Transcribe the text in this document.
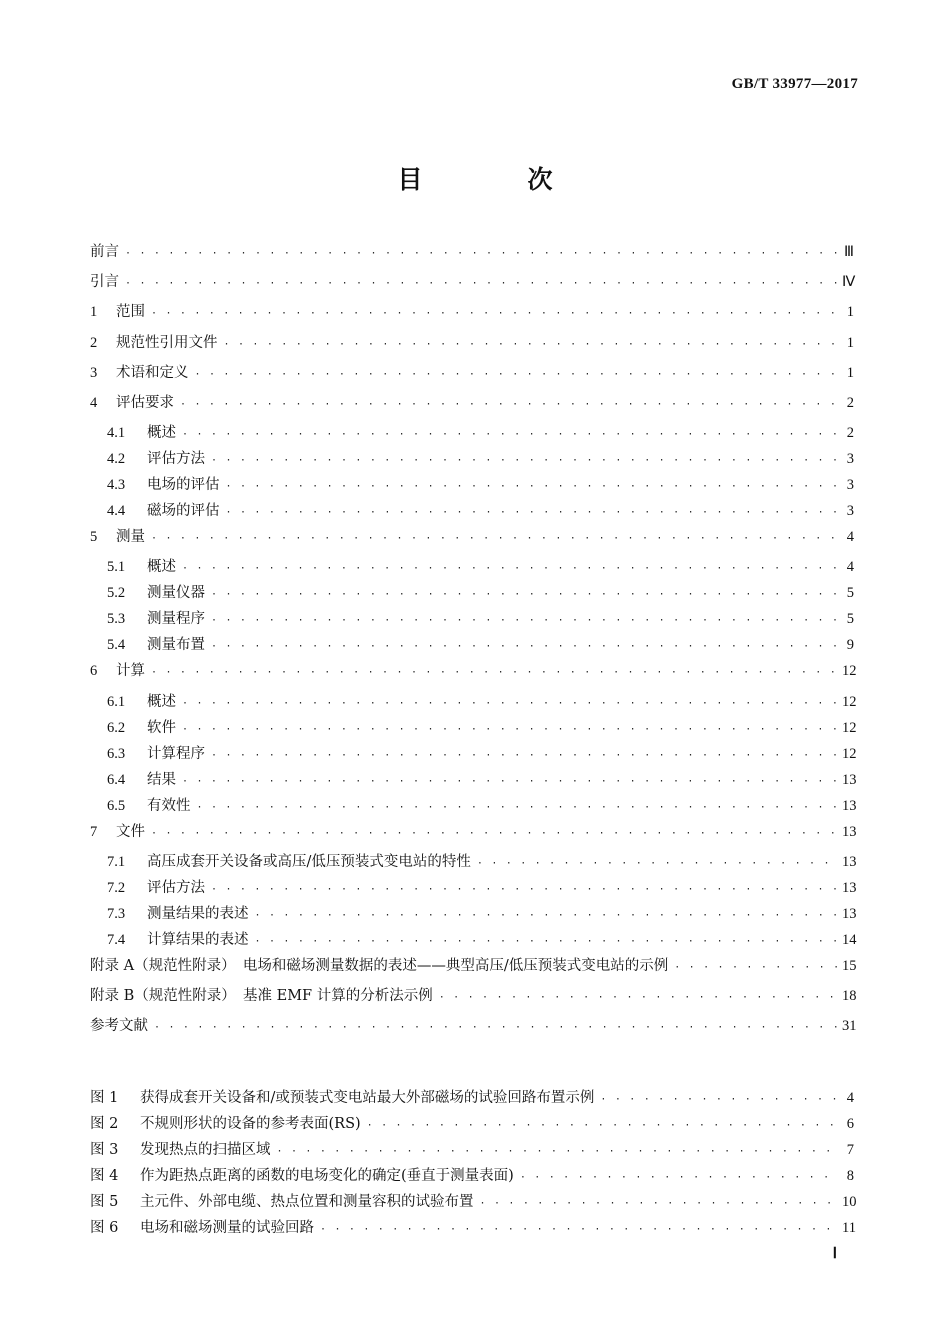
GB/T 33977—2017
目　次
前言 · · ·	Ⅲ
引言 · · ·	Ⅳ
1	范围 · · ·	1
2	规范性引用文件 · · ·	1
3	术语和定义 · · ·	1
4	评估要求 · · ·	2
4.1	概述 · · ·	2
4.2	评估方法 · · ·	3
4.3	电场的评估 · · ·	3
4.4	磁场的评估 · · ·	3
5	测量 · · ·	4
5.1	概述 · · ·	4
5.2	测量仪器 · · ·	5
5.3	测量程序 · · ·	5
5.4	测量布置 · · ·	9
6	计算 · · ·	12
6.1	概述 · · ·	12
6.2	软件 · · ·	12
6.3	计算程序 · · ·	12
6.4	结果 · · ·	13
6.5	有效性 · · ·	13
7	文件 · · ·	13
7.1	高压成套开关设备或高压/低压预装式变电站的特性 · · ·	13
7.2	评估方法 · · ·	13
7.3	测量结果的表述 · · ·	13
7.4	计算结果的表述 · · ·	14
附录 A（规范性附录）　电场和磁场测量数据的表述——典型高压/低压预装式变电站的示例 · · ·	15
附录 B（规范性附录）　基准 EMF 计算的分析法示例 · · ·	18
参考文献 · · ·	31
图 1	获得成套开关设备和/或预装式变电站最大外部磁场的试验回路布置示例 · · ·	4
图 2	不规则形状的设备的参考表面(RS) · · ·	6
图 3	发现热点的扫描区域 · · ·	7
图 4	作为距热点距离的函数的电场变化的确定(垂直于测量表面) · · ·	8
图 5	主元件、外部电缆、热点位置和测量容积的试验布置 · · ·	10
图 6	电场和磁场测量的试验回路 · · ·	11
Ⅰ
